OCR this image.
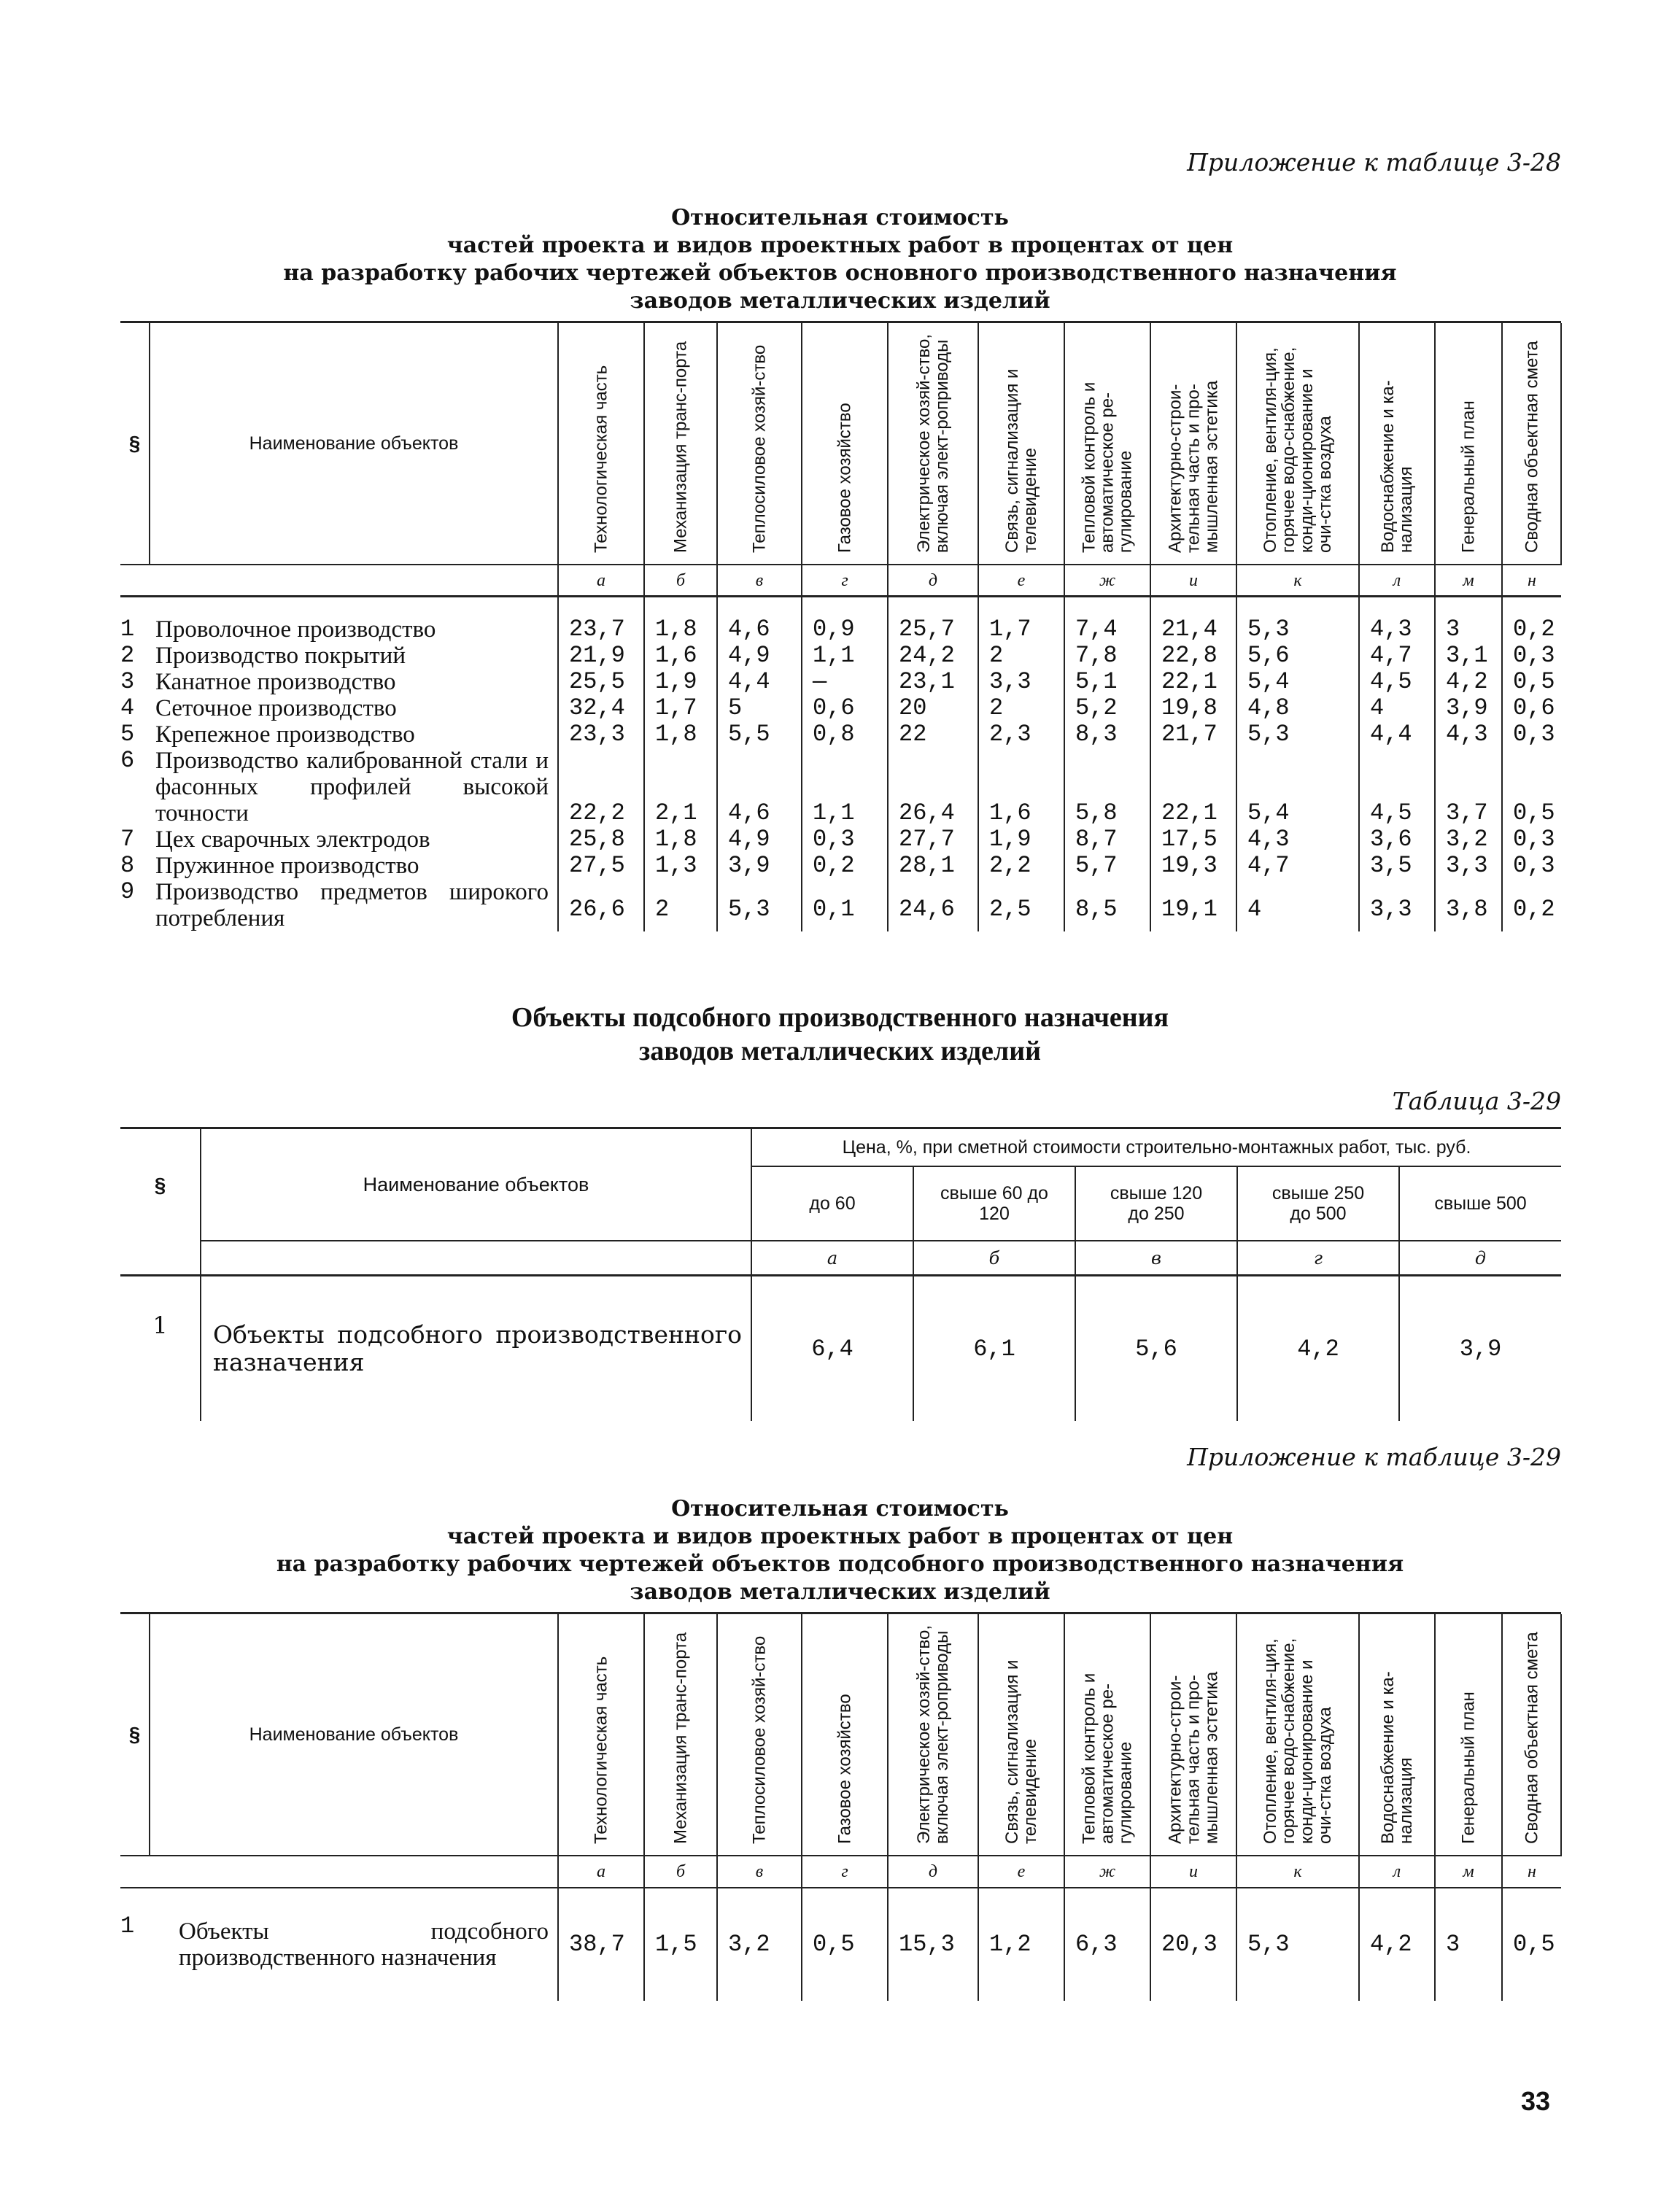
Приложение к таблице 3-28
Относительная стоимость
частей проекта и видов проектных работ в процентах от цен
на разработку рабочих чертежей объектов основного производственного назначения
заводов металлических изделий
§	Наименование объектов	Технологическая часть	Механизация транс-порта	Теплосиловое хозяй-ство	Газовое хозяйство	Электрическое хозяй-ство, включая элект-роприводы	Связь, сигнализация и телевидение	Тепловой контроль и автоматическое ре-гулирование	Архитектурно-строи-тельная часть и про-мышленная эстетика	Отопление, вентиля-ция, горячее водо-снабжение, конди-ционирование и очи-стка воздуха	Водоснабжение и ка-нализация	Генеральный план	Сводная объектная смета

		а	б	в	г	д	е	ж	и	к	л	м	н
1	Проволочное производство	23,7	1,8	4,6	0,9	25,7	1,7	7,4	21,4	5,3	4,3	3	0,2
2	Производство покрытий	21,9	1,6	4,9	1,1	24,2	2	7,8	22,8	5,6	4,7	3,1	0,3
3	Канатное производство	25,5	1,9	4,4	—	23,1	3,3	5,1	22,1	5,4	4,5	4,2	0,5
4	Сеточное производство	32,4	1,7	5	0,6	20	2	5,2	19,8	4,8	4	3,9	0,6
5	Крепежное производство	23,3	1,8	5,5	0,8	22	2,3	8,3	21,7	5,3	4,4	4,3	0,3
6	Производство калиброванной стали и фасонных профилей высокой точности	22,2	2,1	4,6	1,1	26,4	1,6	5,8	22,1	5,4	4,5	3,7	0,5
7	Цех сварочных электродов	25,8	1,8	4,9	0,3	27,7	1,9	8,7	17,5	4,3	3,6	3,2	0,3
8	Пружинное производство	27,5	1,3	3,9	0,2	28,1	2,2	5,7	19,3	4,7	3,5	3,3	0,3
9	Производство предметов широкого потребления	26,6	2	5,3	0,1	24,6	2,5	8,5	19,1	4	3,3	3,8	0,2
Объекты подсобного производственного назначения
заводов металлических изделий
Таблица 3-29
§	Наименование объектов	Цена, %, при сметной стоимости строительно-монтажных работ, тыс. руб.				
		до 60	свыше 60 до 120	свыше 120 до 250	свыше 250 до 500	свыше 500
		а	б	в	г	д
1	Объекты подсобного производственного назначения	6,4	6,1	5,6	4,2	3,9
Приложение к таблице 3-29
Относительная стоимость
частей проекта и видов проектных работ в процентах от цен
на разработку рабочих чертежей объектов подсобного производственного назначения
заводов металлических изделий
§	Наименование объектов	Технологическая часть	Механизация транс-порта	Теплосиловое хозяй-ство	Газовое хозяйство	Электрическое хозяй-ство, включая элект-роприводы	Связь, сигнализация и телевидение	Тепловой контроль и автоматическое ре-гулирование	Архитектурно-строи-тельная часть и про-мышленная эстетика	Отопление, вентиля-ция, горячее водо-снабжение, конди-ционирование и очи-стка воздуха	Водоснабжение и ка-нализация	Генеральный план	Сводная объектная смета

		а	б	в	г	д	е	ж	и	к	л	м	н
1	Объекты подсобного производственного назначения	38,7	1,5	3,2	0,5	15,3	1,2	6,3	20,3	5,3	4,2	3	0,5
33
